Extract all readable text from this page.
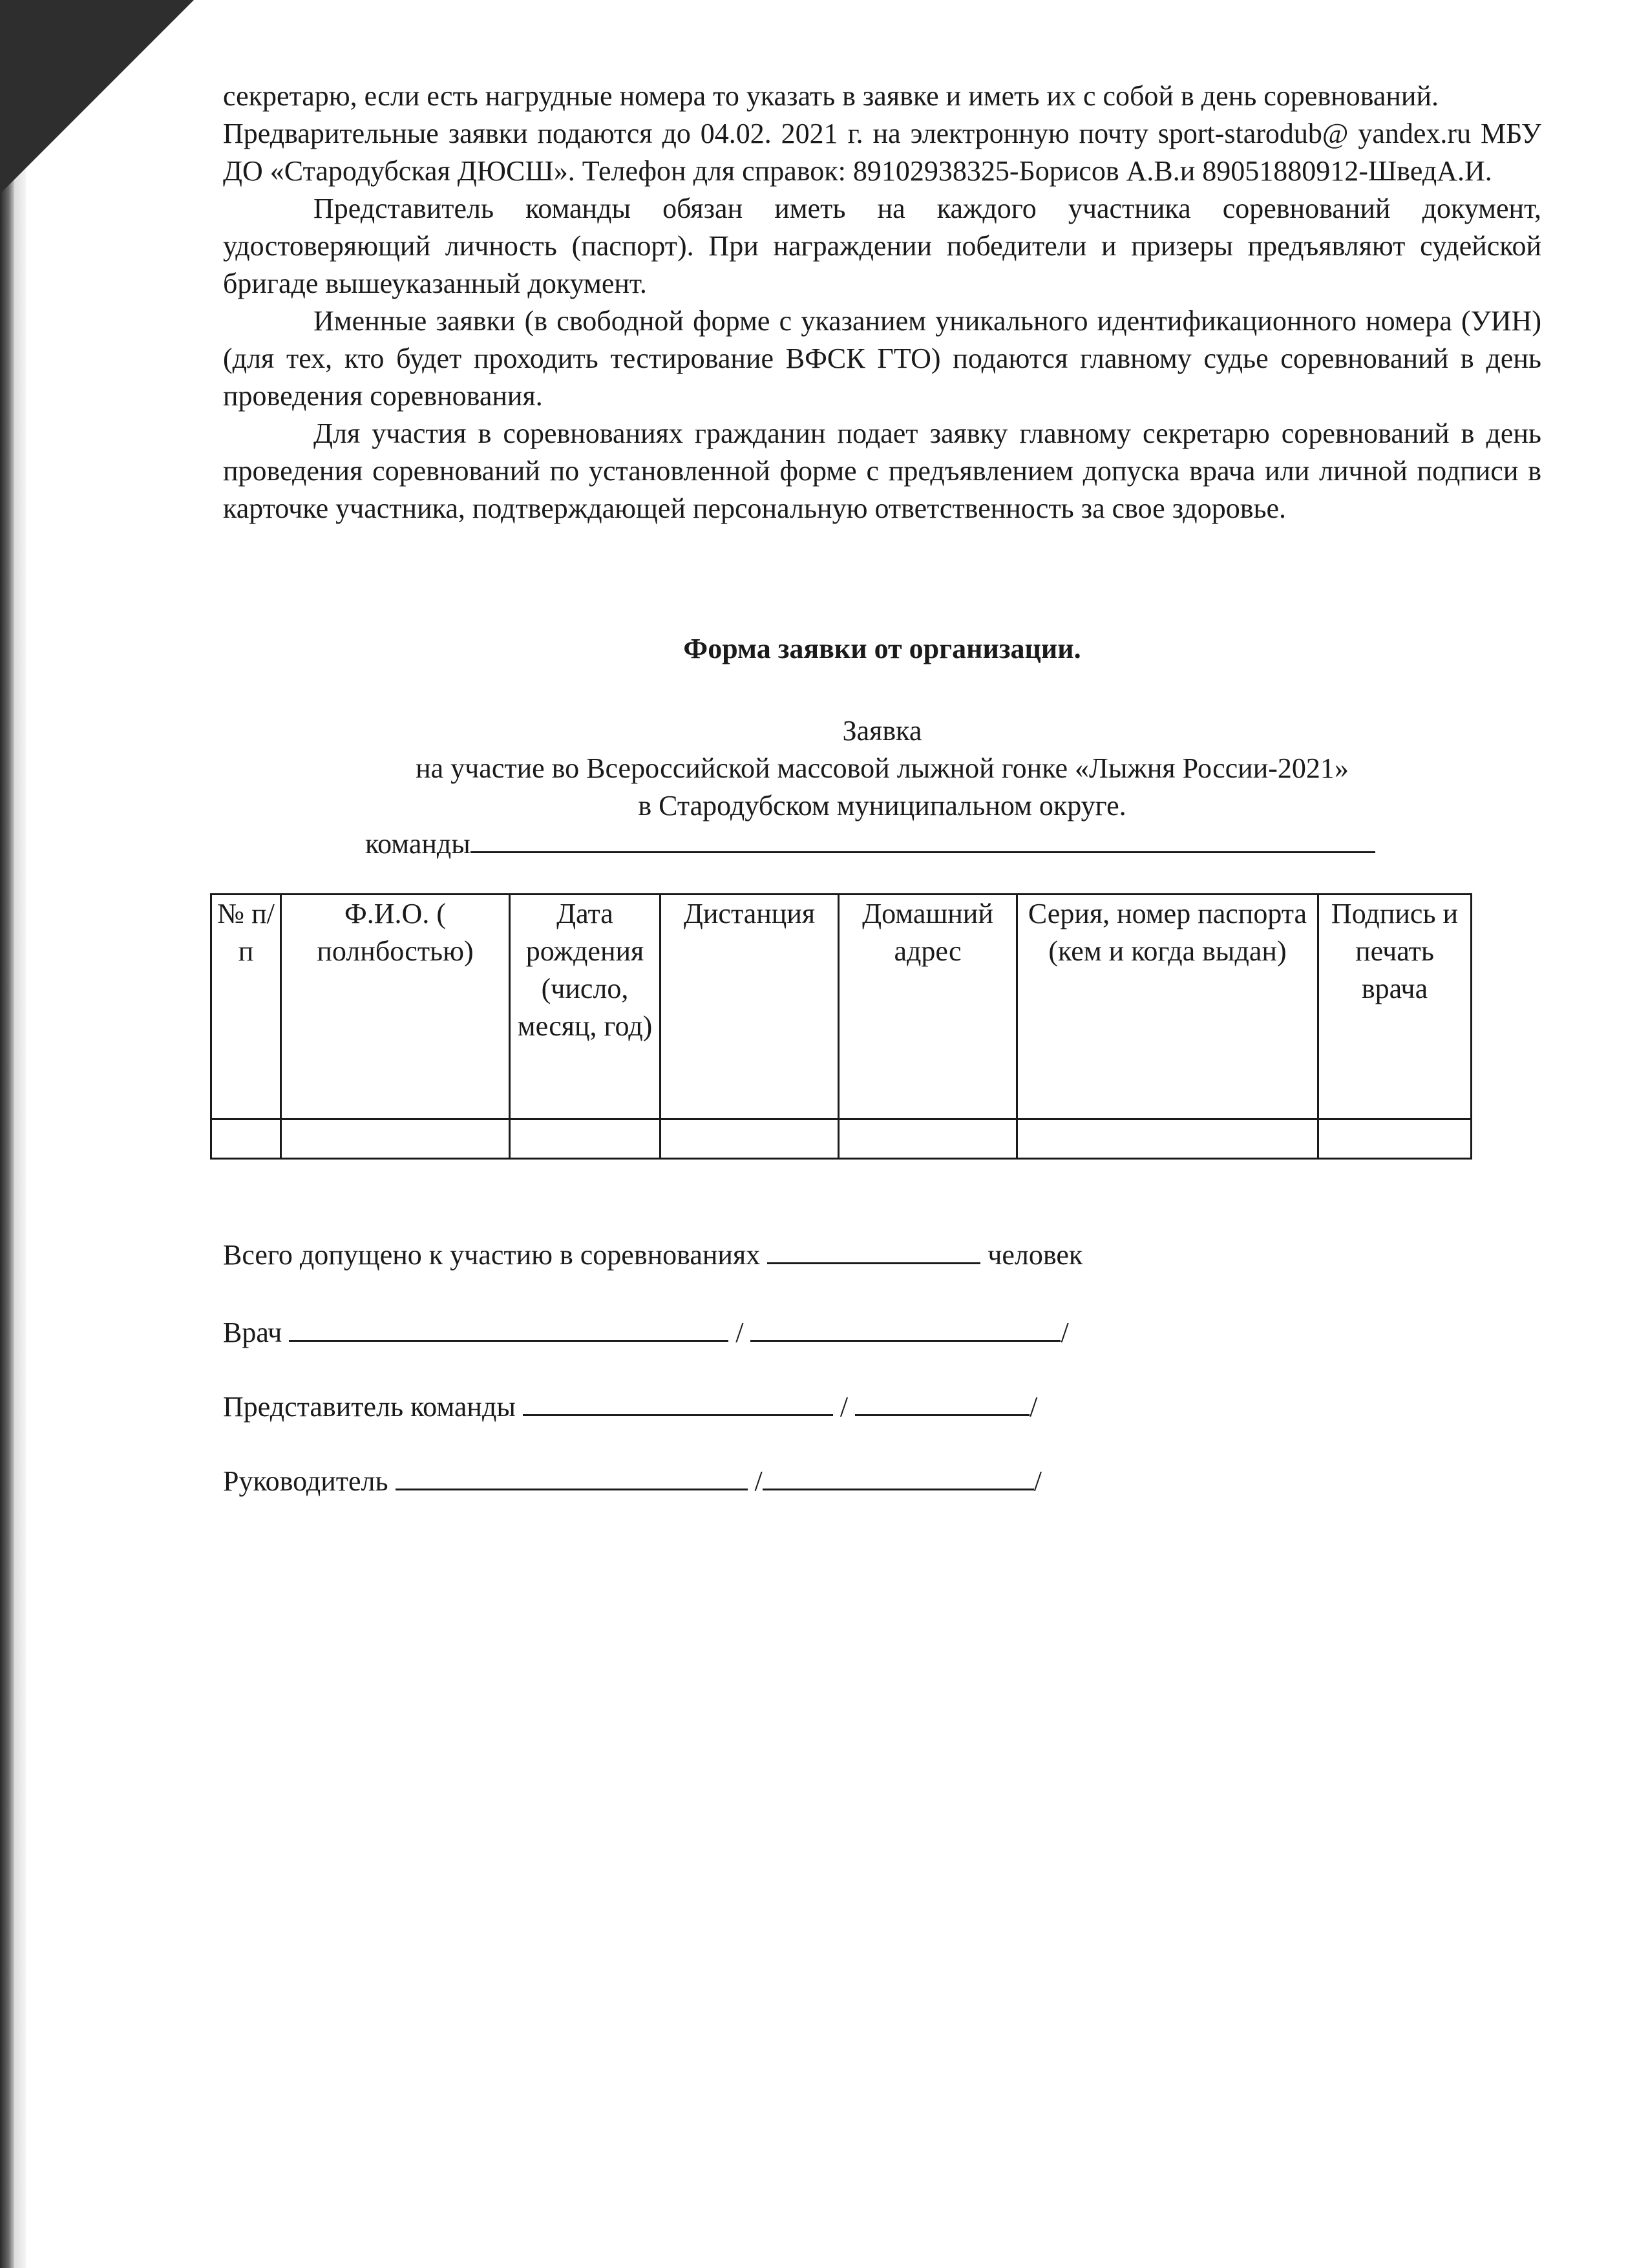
секретарю, если есть нагрудные номера то указать в заявке и иметь их с собой в день соревнований.

Предварительные заявки подаются до 04.02. 2021 г. на электронную почту sport-starodub@ yandex.ru МБУ ДО «Стародубская ДЮСШ». Телефон для справок: 89102938325-Борисов А.В.и 89051880912-ШведА.И.

Представитель команды обязан иметь на каждого участника соревнований документ, удостоверяющий личность (паспорт). При награждении победители и призеры предъявляют судейской бригаде вышеуказанный документ.

Именные заявки (в свободной форме с указанием уникального идентификационного номера (УИН) (для тех, кто будет проходить тестирование ВФСК ГТО) подаются главному судье соревнований в день проведения соревнования.

Для участия в соревнованиях гражданин подает заявку главному секретарю соревнований в день проведения соревнований по установленной форме с предъявлением допуска врача или личной подписи в карточке участника, подтверждающей персональную ответственность за свое здоровье.

Форма заявки от организации.
Заявка
на участие во Всероссийской массовой лыжной гонке «Лыжня России-2021»
в Стародубском муниципальном округе.
команды
№ п/п	Ф.И.О. ( полнбостью)	Дата рождения (число, месяц, год)	Дистанция	Домашний адрес	Серия, номер паспорта (кем и когда выдан)	Подпись и печать врача

Всего допущено к участию в соревнованиях	человек
Врач	/	/
Представитель команды	/	/
Руководитель	/	/
